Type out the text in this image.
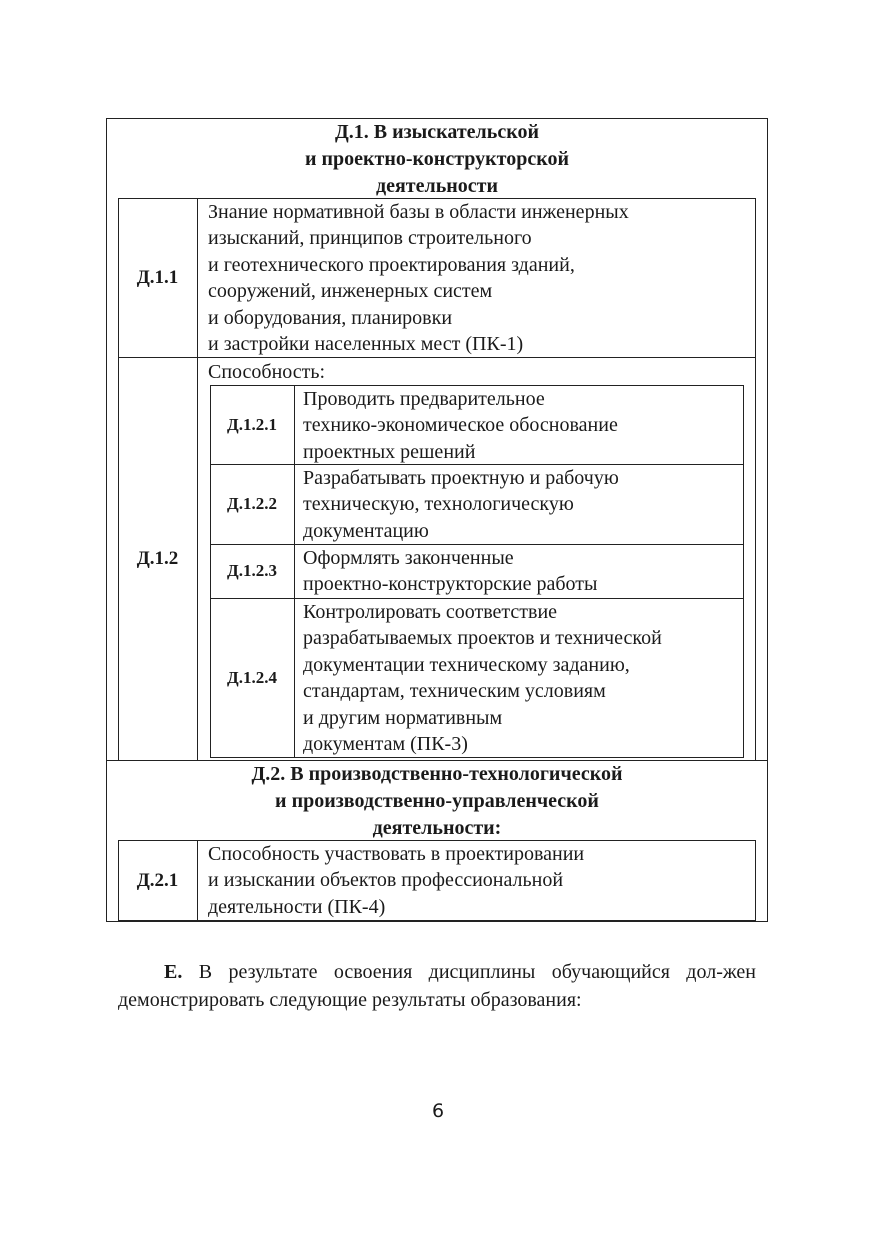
Д.1. В изыскательской
и проектно-конструкторской
деятельности
Д.1.1
Знание нормативной базы в области инженерных
изысканий, принципов строительного
и геотехнического проектирования зданий,
сооружений, инженерных систем
и оборудования, планировки
и застройки населенных мест (ПК-1)
Д.1.2
Способность:
Д.1.2.1
Проводить предварительное
технико-экономическое обоснование
проектных решений
Д.1.2.2
Разрабатывать проектную и рабочую
техническую, технологическую
документацию
Д.1.2.3
Оформлять законченные
проектно-конструкторские работы
Д.1.2.4
Контролировать соответствие
разрабатываемых проектов и технической
документации техническому заданию,
стандартам, техническим условиям
и другим нормативным
документам (ПК-3)
Д.2. В производственно-технологической
и производственно-управленческой
деятельности:
Д.2.1
Способность участвовать в проектировании
и изыскании объектов профессиональной
деятельности (ПК-4)
Е. В результате освоения дисциплины обучающийся дол-жен демонстрировать следующие результаты образования:
6
